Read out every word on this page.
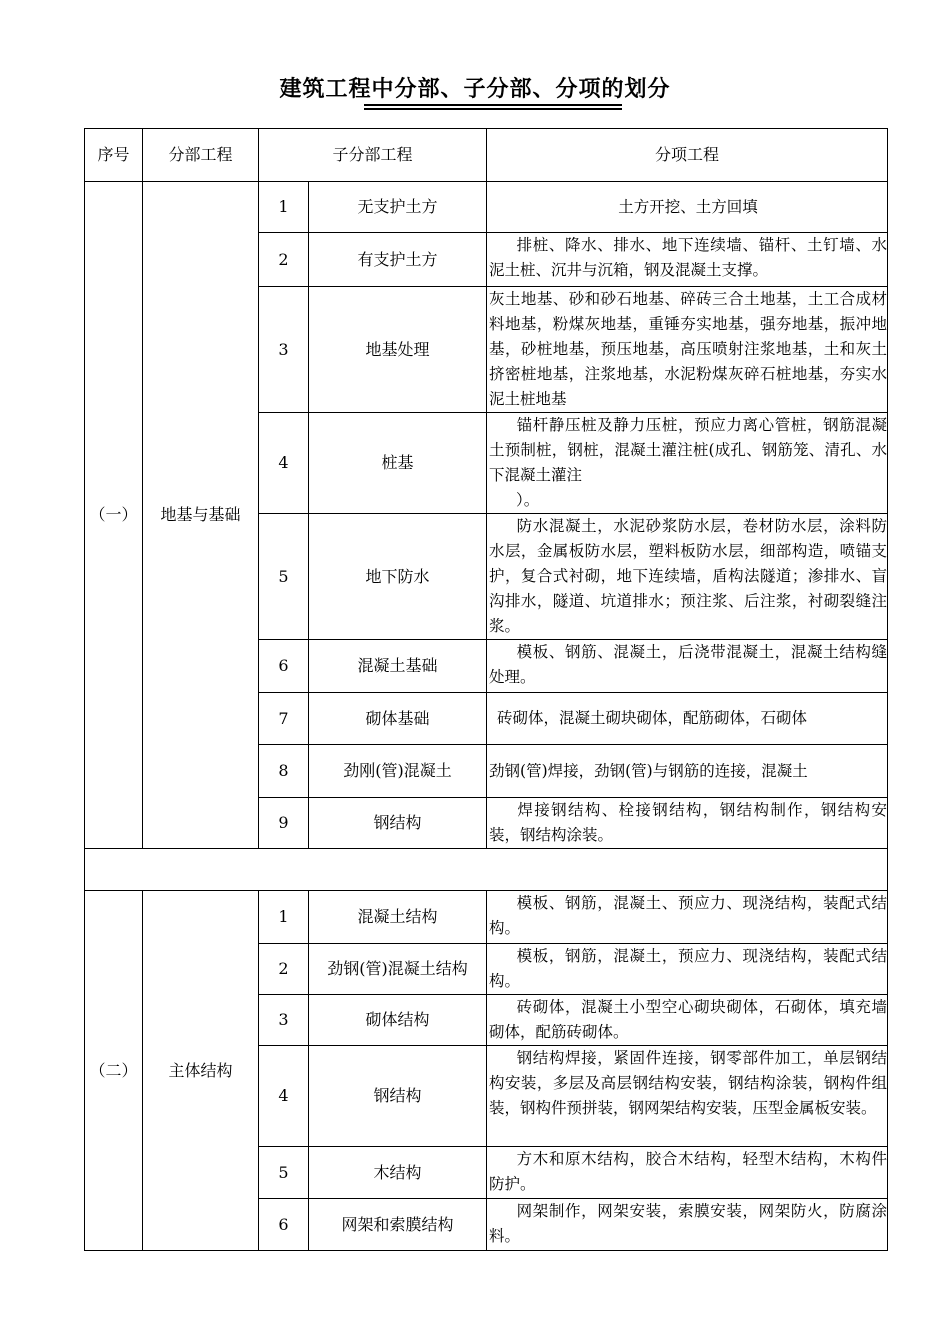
建筑工程中分部、子分部、分项的划分
序号	分部工程	子分部工程		分项工程
（一）	地基与基础	1	无支护土方	土方开挖、土方回填
		2	有支护土方	排桩、降水、排水、地下连续墙、锚杆、土钉墙、水泥土桩、沉井与沉箱，钢及混凝土支撑。
		3	地基处理	灰土地基、砂和砂石地基、碎砖三合土地基，土工合成材料地基，粉煤灰地基，重锤夯实地基，强夯地基，振冲地基，砂桩地基，预压地基，高压喷射注浆地基，土和灰土挤密桩地基，注浆地基，水泥粉煤灰碎石桩地基，夯实水泥土桩地基
		4	桩基	锚杆静压桩及静力压桩，预应力离心管桩，钢筋混凝土预制桩，钢桩，混凝土灌注桩(成孔、钢筋笼、清孔、水下混凝土灌注
）。
		5	地下防水	防水混凝土，水泥砂浆防水层，卷材防水层，涂料防水层，金属板防水层，塑料板防水层，细部构造，喷锚支护，复合式衬砌，地下连续墙，盾构法隧道；渗排水、盲沟排水，隧道、坑道排水；预注浆、后注浆，衬砌裂缝注浆。
		6	混凝土基础	模板、钢筋、混凝土，后浇带混凝土，混凝土结构缝处理。
		7	砌体基础	砖砌体，混凝土砌块砌体，配筋砌体，石砌体
		8	劲刚(管)混凝土	劲钢(管)焊接，劲钢(管)与钢筋的连接，混凝土
		9	钢结构	焊接钢结构、栓接钢结构，钢结构制作，钢结构安装，钢结构涂装。

（二）	主体结构	1	混凝土结构	模板、钢筋，混凝土、预应力、现浇结构，装配式结构。
		2	劲钢(管)混凝土结构	模板，钢筋，混凝土，预应力、现浇结构，装配式结构。
		3	砌体结构	砖砌体，混凝土小型空心砌块砌体，石砌体，填充墙砌体，配筋砖砌体。
		4	钢结构	钢结构焊接，紧固件连接，钢零部件加工，单层钢结构安装，多层及高层钢结构安装，钢结构涂装，钢构件组装，钢构件预拼装，钢网架结构安装，压型金属板安装。
		5	木结构	方木和原木结构，胶合木结构，轻型木结构，木构件防护。
		6	网架和索膜结构	网架制作，网架安装，索膜安装，网架防火，防腐涂料。
